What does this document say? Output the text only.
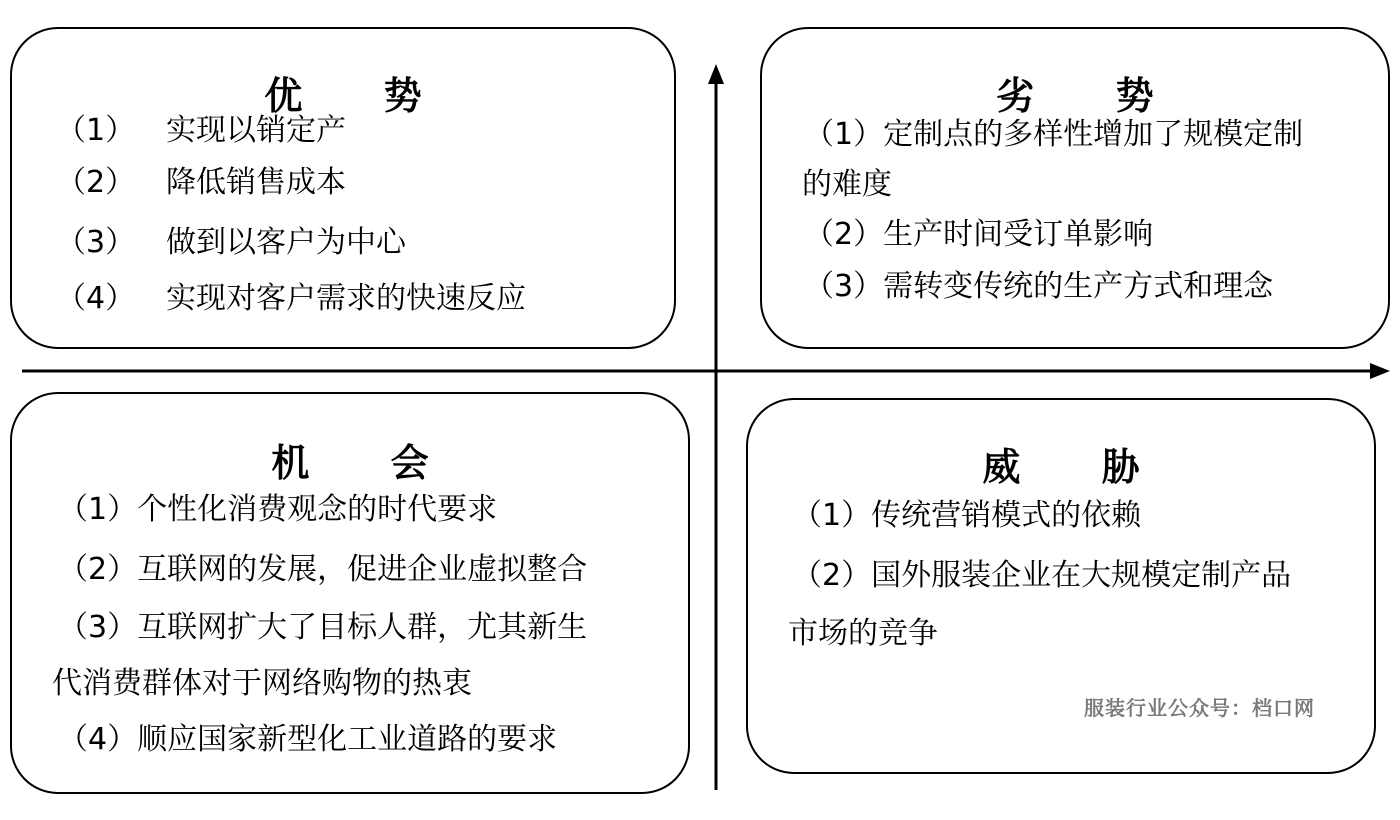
优 势
（1） 实现以销定产
（2） 降低销售成本
（3） 做到以客户为中心
（4） 实现对客户需求的快速反应
劣 势
（1）定制点的多样性增加了规模定制
的难度
（2）生产时间受订单影响
（3）需转变传统的生产方式和理念
机 会
（1）个性化消费观念的时代要求
（2）互联网的发展，促进企业虚拟整合
（3）互联网扩大了目标人群，尤其新生
代消费群体对于网络购物的热衷
（4）顺应国家新型化工业道路的要求
威 胁
（1）传统营销模式的依赖
（2）国外服装企业在大规模定制产品
市场的竞争
服装行业公众号：档口网
